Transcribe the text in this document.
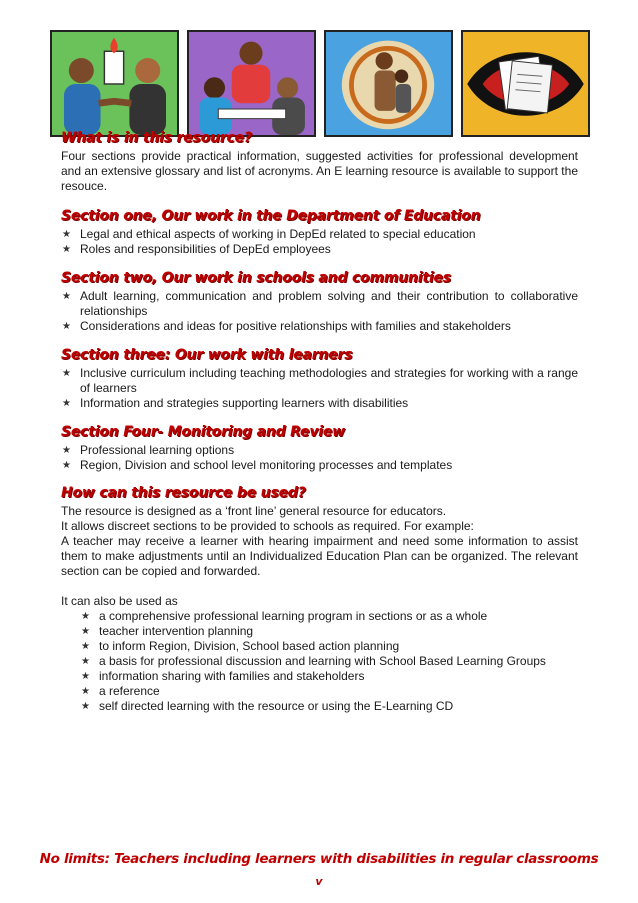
What is in this resource?

Four sections provide practical information, suggested activities for professional development and an extensive glossary and list of acronyms. An E learning resource is available to support the resouce.

Section one, Our work in the Department of Education
★ Legal and ethical aspects of working in DepEd related to special education
★ Roles and responsibilities of DepEd employees
Section two, Our work in schools and communities
★ Adult learning, communication and problem solving and their contribution to collaborative relationships
★ Considerations and ideas for positive relationships with families and stakeholders
Section three: Our work with learners
★ Inclusive curriculum including teaching methodologies and strategies for working with a range of learners
★ Information and strategies supporting learners with disabilities
Section Four- Monitoring and Review
★ Professional learning options
★ Region, Division and school level monitoring processes and templates
How can this resource be used?

The resource is designed as a ‘front line’ general resource for educators.

It allows discreet sections to be provided to schools as required. For example:

A teacher may receive a learner with hearing impairment and need some information to assist them to make adjustments until an Individualized Education Plan can be organized. The relevant section can be copied and forwarded.

It can also be used as

★ a comprehensive professional learning program in sections or as a whole
★ teacher intervention planning
★ to inform Region, Division, School based action planning
★ a basis for professional discussion and learning with School Based Learning Groups
★ information sharing with families and stakeholders
★ a reference
★ self directed learning with the resource or using the E-Learning CD
No limits: Teachers including learners with disabilities in regular classrooms
v
